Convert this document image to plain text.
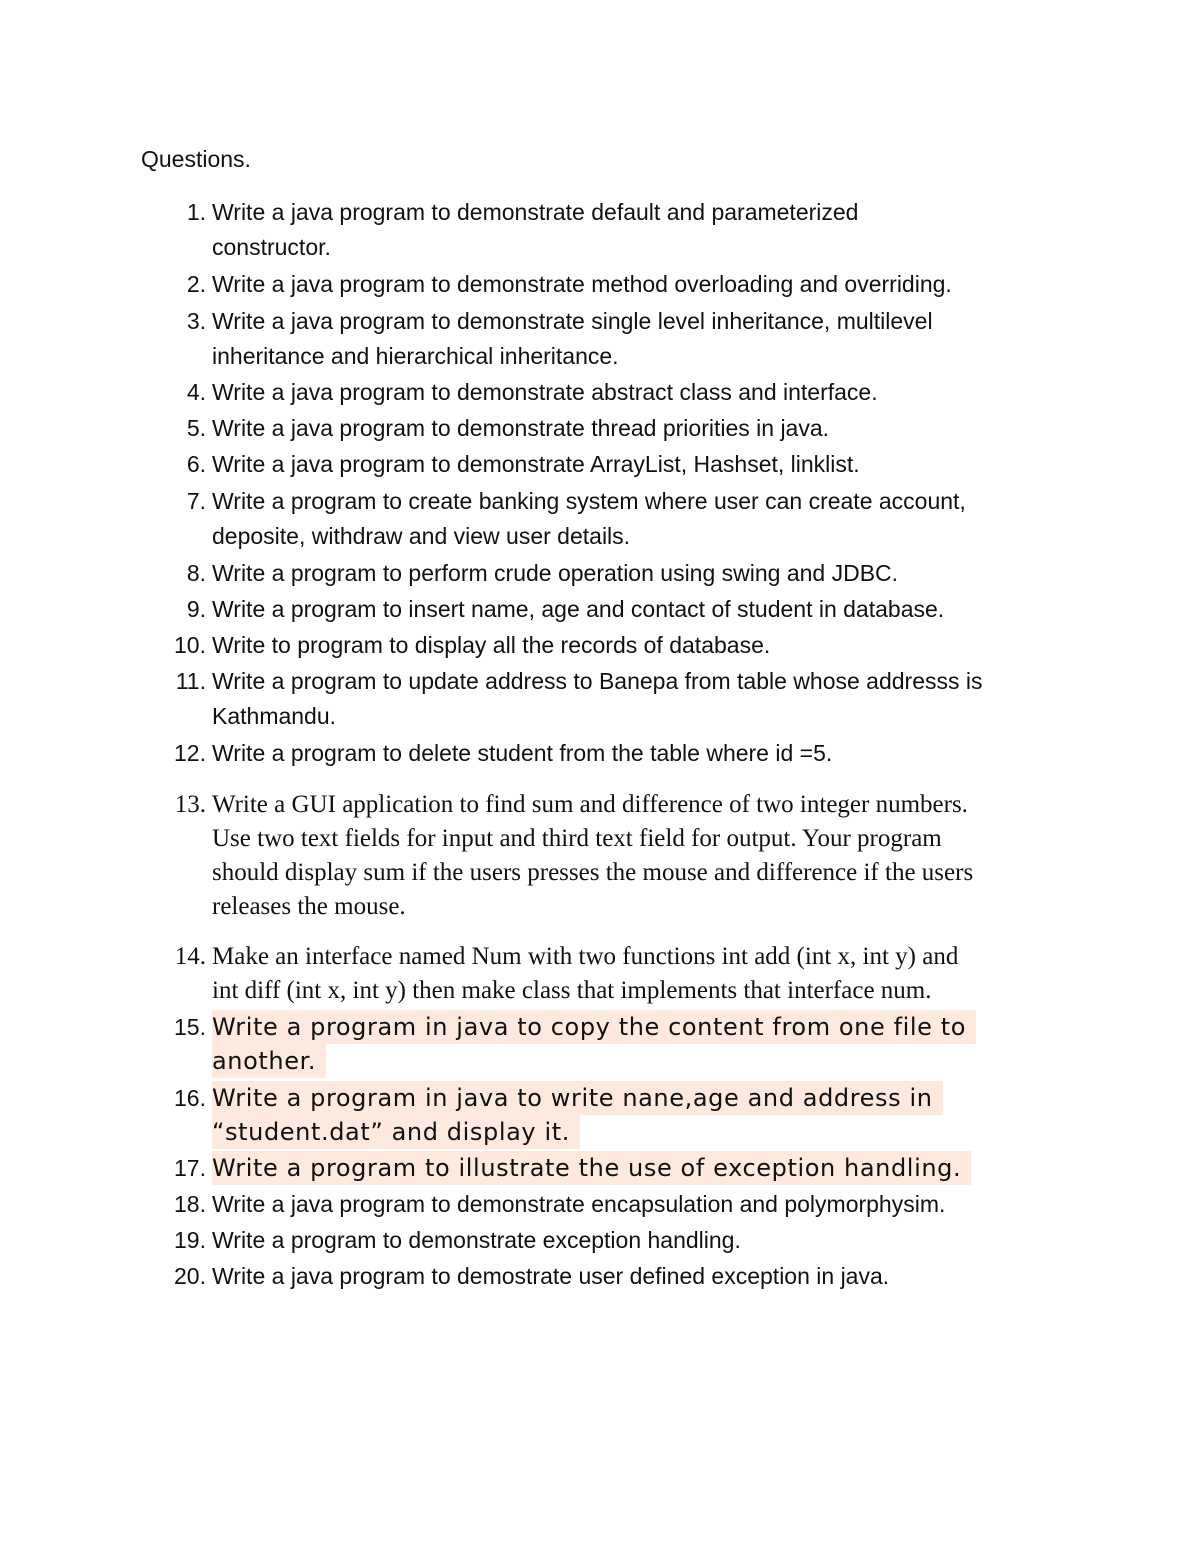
Questions.

1. Write a java program to demonstrate default and parameterized
constructor.
2. Write a java program to demonstrate method overloading and overriding.
3. Write a java program to demonstrate single level inheritance, multilevel
inheritance and hierarchical inheritance.
4. Write a java program to demonstrate abstract class and interface.
5. Write a java program to demonstrate thread priorities in java.
6. Write a java program to demonstrate ArrayList, Hashset, linklist.
7. Write a program to create banking system where user can create account,
deposite, withdraw and view user details.
8. Write a program to perform crude operation using swing and JDBC.
9. Write a program to insert name, age and contact of student in database.
10. Write to program to display all the records of database.
11. Write a program to update address to Banepa from table whose addresss is
Kathmandu.
12. Write a program to delete student from the table where id =5.
13. Write a GUI application to find sum and difference of two integer numbers.
Use two text fields for input and third text field for output. Your program
should display sum if the users presses the mouse and difference if the users
releases the mouse.
14. Make an interface named Num with two functions int add (int x, int y) and
int diff (int x, int y) then make class that implements that interface num.
15. Write a program in java to copy the content from one file to
another.

16. Write a program in java to write nane,age and address in
“student.dat” and display it.

17. Write a program to illustrate the use of exception handling.

18. Write a java program to demonstrate encapsulation and polymorphysim.
19. Write a program to demonstrate exception handling.
20. Write a java program to demostrate user defined exception in java.
